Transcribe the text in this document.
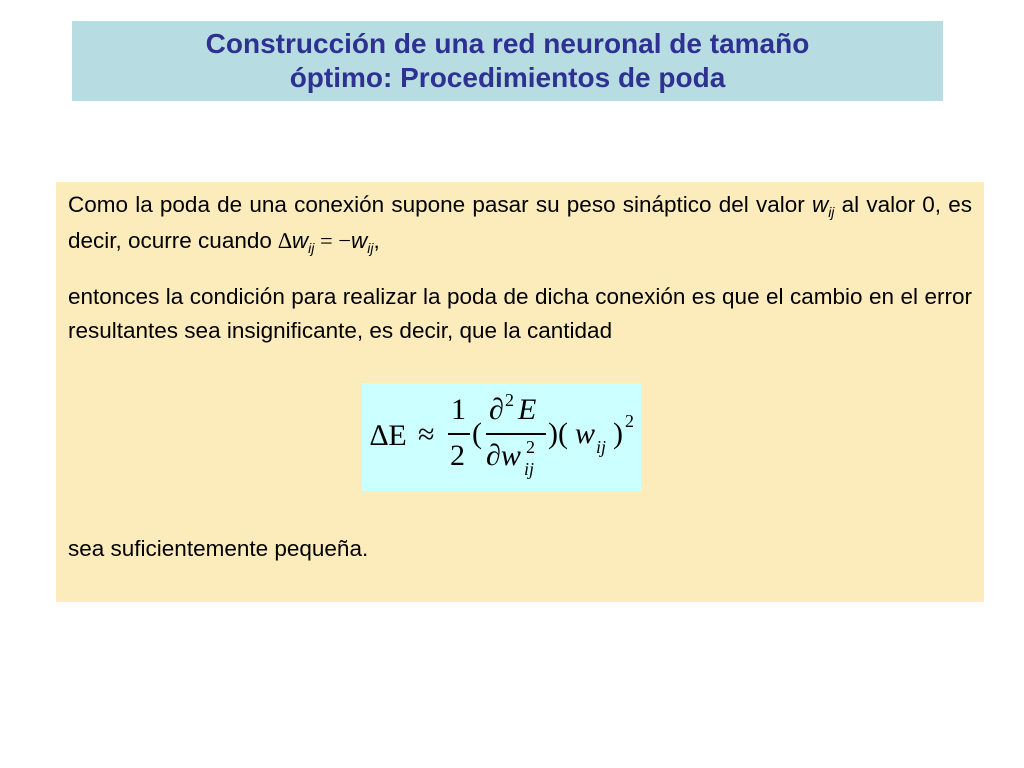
Construcción de una red neuronal de tamaño
óptimo: Procedimientos de poda

Como la poda de una conexión supone pasar su peso sináptico del valor $w_{ij}$ al valor 0, es decir, ocurre cuando $\Delta w_{ij} = -w_{ij}$,

entonces la condición para realizar la poda de dicha conexión es que el cambio en el error resultantes sea insignificante, es decir, que la cantidad

∆E ≈
1
2
(
∂ 2 E
∂w 2
ij
)( w ij ) 2

sea suficientemente pequeña.
